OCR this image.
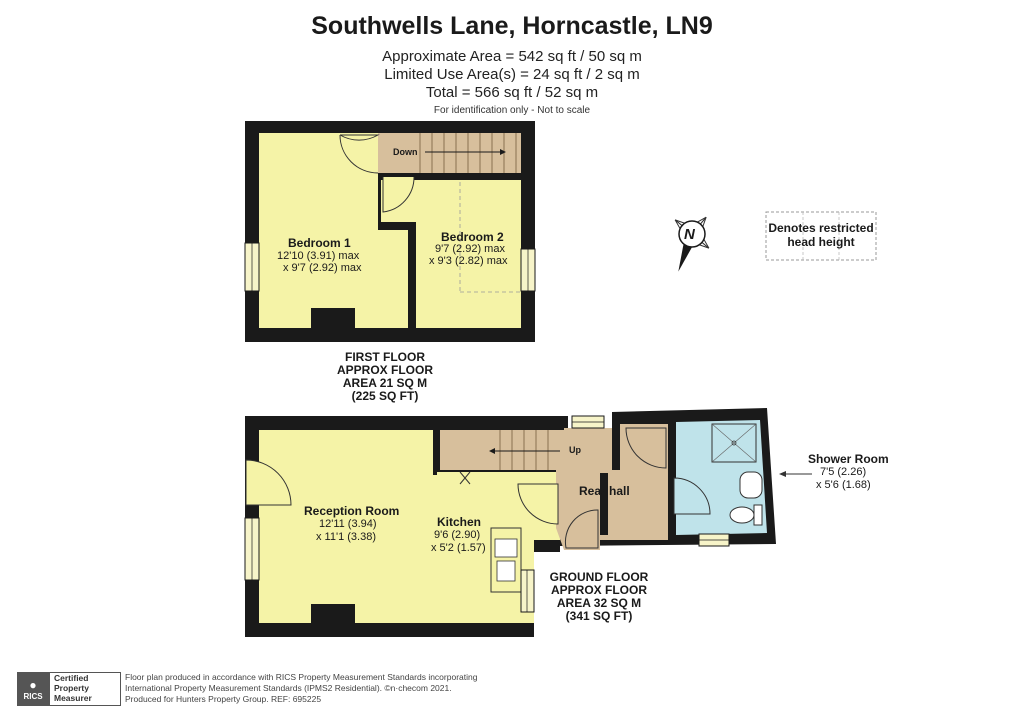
Southwells Lane, Horncastle, LN9
Approximate Area = 542 sq ft / 50 sq m
Limited Use Area(s) = 24 sq ft / 2 sq m
Total = 566 sq ft / 52 sq m
For identification only - Not to scale
N	Denotes restricted head height
Down
Bedroom 1
12'10 (3.91) max
x 9'7 (2.92) max
Bedroom 2
9'7 (2.92) max
x 9'3 (2.82) max
FIRST FLOOR
APPROX FLOOR
AREA 21 SQ M
(225 SQ FT)
Up
Reception Room
12'11 (3.94)
x 11'1 (3.38)
Kitchen
9'6 (2.90)
x 5'2 (1.57)
Rear hall
Shower Room
7'5 (2.26)
x 5'6 (1.68)
GROUND FLOOR
APPROX FLOOR
AREA 32 SQ M
(341 SQ FT)
●
RICS
Certified
Property
Measurer
Floor plan produced in accordance with RICS Property Measurement Standards incorporating
International Property Measurement Standards (IPMS2 Residential). ©n·checom 2021.
Produced for Hunters Property Group. REF: 695225
